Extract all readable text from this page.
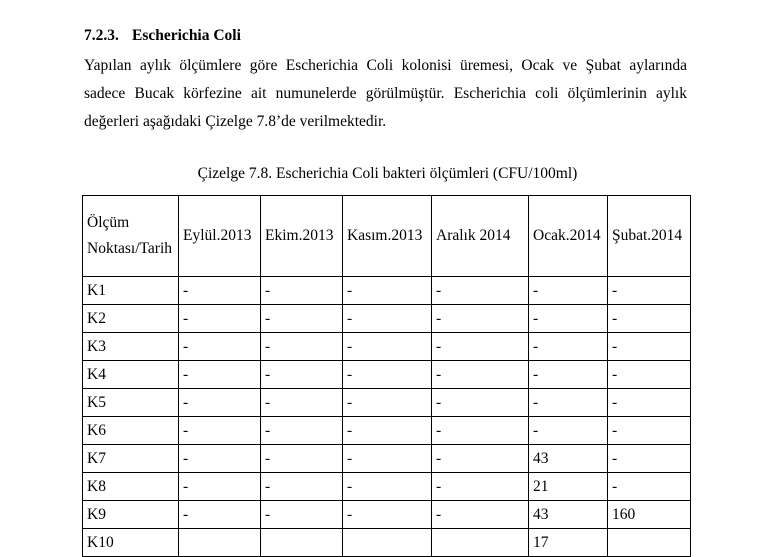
7.2.3. Escherichia Coli
Yapılan aylık ölçümlere göre Escherichia Coli kolonisi üremesi, Ocak ve Şubat aylarında
sadece Bucak körfezine ait numunelerde görülmüştür. Escherichia coli ölçümlerinin aylık
değerleri aşağıdaki Çizelge 7.8’de verilmektedir.
Çizelge 7.8. Escherichia Coli bakteri ölçümleri (CFU/100ml)
Ölçüm Noktası/Tarih	Eylül.2013	Ekim.2013	Kasım.2013	Aralık 2014	Ocak.2014	Şubat.2014
K1	-	-	-	-	-	-
K2	-	-	-	-	-	-
K3	-	-	-	-	-	-
K4	-	-	-	-	-	-
K5	-	-	-	-	-	-
K6	-	-	-	-	-	-
K7	-	-	-	-	43	-
K8	-	-	-	-	21	-
K9	-	-	-	-	43	160
K10					17	
